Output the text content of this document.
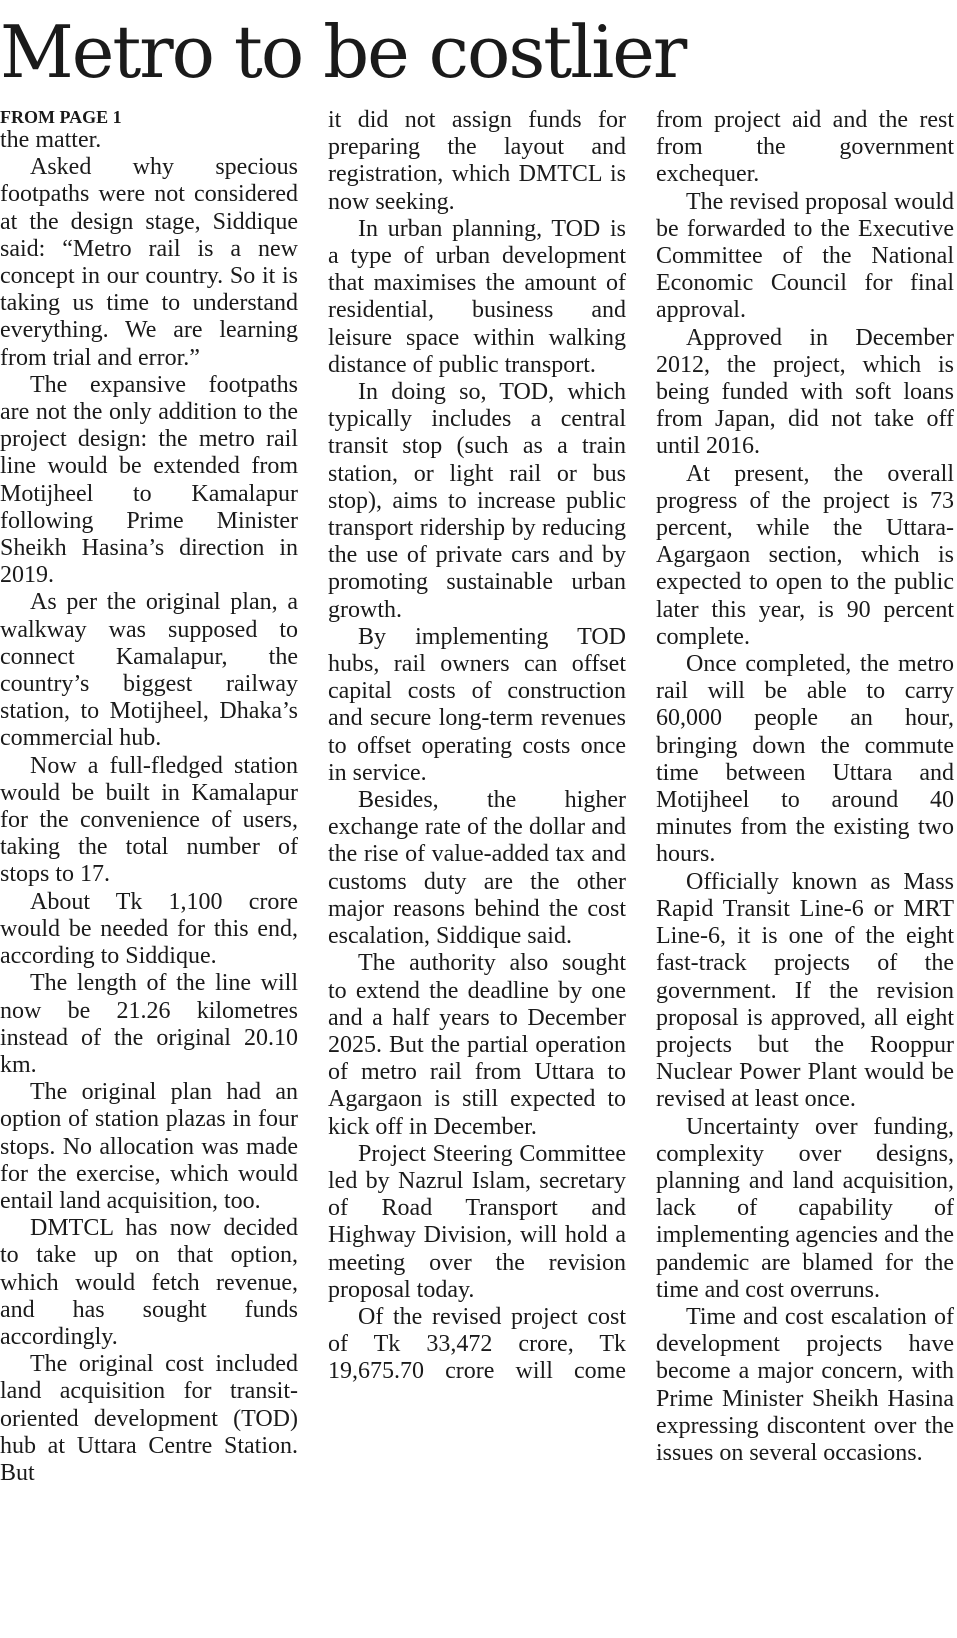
Metro to be costlier
FROM PAGE 1

the matter.

Asked why specious footpaths were not considered at the design stage, Siddique said: “Metro rail is a new concept in our country. So it is taking us time to understand everything. We are learning from trial and error.”

The expansive footpaths are not the only addition to the project design: the metro rail line would be extended from Motijheel to Kamalapur following Prime Minister Sheikh Hasina’s direction in 2019.

As per the original plan, a walkway was supposed to connect Kamalapur, the country’s biggest railway station, to Motijheel, Dhaka’s commercial hub.

Now a full-fledged station would be built in Kamalapur for the convenience of users, taking the total number of stops to 17.

About Tk 1,100 crore would be needed for this end, according to Siddique.

The length of the line will now be 21.26 kilometres instead of the original 20.10 km.

The original plan had an option of station plazas in four stops. No allocation was made for the exercise, which would entail land acquisition, too.

DMTCL has now decided to take up on that option, which would fetch revenue, and has sought funds accordingly.

The original cost included land acquisition for transit-oriented development (TOD) hub at Uttara Centre Station. But

it did not assign funds for preparing the layout and registration, which DMTCL is now seeking.

In urban planning, TOD is a type of urban development that maximises the amount of residential, business and leisure space within walking distance of public transport.

In doing so, TOD, which typically includes a central transit stop (such as a train station, or light rail or bus stop), aims to increase public transport ridership by reducing the use of private cars and by promoting sustainable urban growth.

By implementing TOD hubs, rail owners can offset capital costs of construction and secure long-term revenues to offset operating costs once in service.

Besides, the higher exchange rate of the dollar and the rise of value-added tax and customs duty are the other major reasons behind the cost escalation, Siddique said.

The authority also sought to extend the deadline by one and a half years to December 2025. But the partial operation of metro rail from Uttara to Agargaon is still expected to kick off in December.

Project Steering Committee led by Nazrul Islam, secretary of Road Transport and Highway Division, will hold a meeting over the revision proposal today.

Of the revised project cost of Tk 33,472 crore, Tk 19,675.70 crore will come

from project aid and the rest from the government exchequer.

The revised proposal would be forwarded to the Executive Committee of the National Economic Council for final approval.

Approved in December 2012, the project, which is being funded with soft loans from Japan, did not take off until 2016.

At present, the overall progress of the project is 73 percent, while the Uttara-Agargaon section, which is expected to open to the public later this year, is 90 percent complete.

Once completed, the metro rail will be able to carry 60,000 people an hour, bringing down the commute time between Uttara and Motijheel to around 40 minutes from the existing two hours.

Officially known as Mass Rapid Transit Line-6 or MRT Line-6, it is one of the eight fast-track projects of the government. If the revision proposal is approved, all eight projects but the Rooppur Nuclear Power Plant would be revised at least once.

Uncertainty over funding, complexity over designs, planning and land acquisition, lack of capability of implementing agencies and the pandemic are blamed for the time and cost overruns.

Time and cost escalation of development projects have become a major concern, with Prime Minister Sheikh Hasina expressing discontent over the issues on several occasions.
